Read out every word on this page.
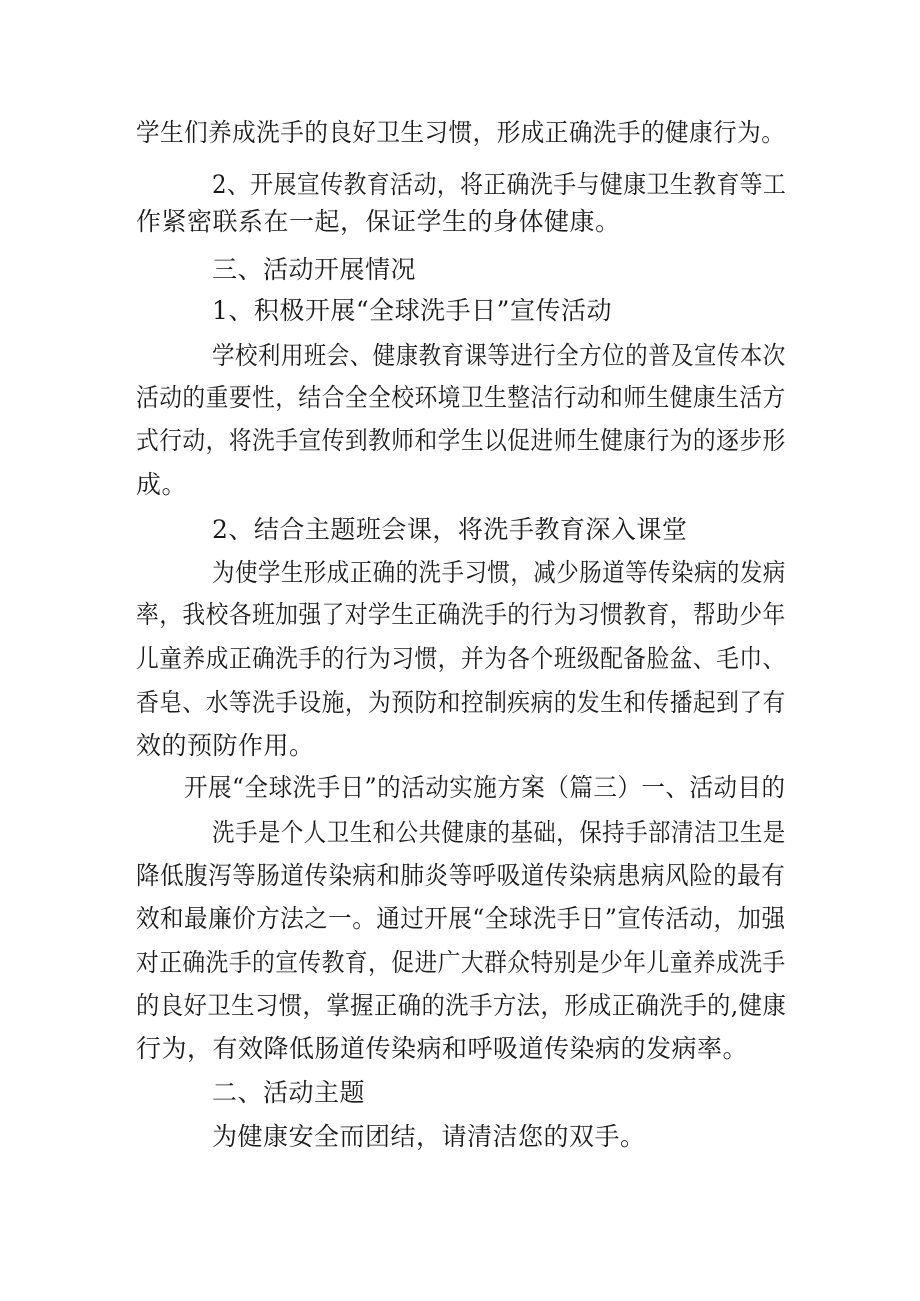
学生们养成洗手的良好卫生习惯，形成正确洗手的健康行为。
2、开展宣传教育活动，将正确洗手与健康卫生教育等工
作紧密联系在一起，保证学生的身体健康。
三、活动开展情况
1、积极开展“全球洗手日”宣传活动
学校利用班会、健康教育课等进行全方位的普及宣传本次
活动的重要性，结合全全校环境卫生整洁行动和师生健康生活方
式行动，将洗手宣传到教师和学生以促进师生健康行为的逐步形
成。
2、结合主题班会课，将洗手教育深入课堂
为使学生形成正确的洗手习惯，减少肠道等传染病的发病
率，我校各班加强了对学生正确洗手的行为习惯教育，帮助少年
儿童养成正确洗手的行为习惯，并为各个班级配备脸盆、毛巾、
香皂、水等洗手设施，为预防和控制疾病的发生和传播起到了有
效的预防作用。
开展“全球洗手日”的活动实施方案（篇三）一、活动目的
洗手是个人卫生和公共健康的基础，保持手部清洁卫生是
降低腹泻等肠道传染病和肺炎等呼吸道传染病患病风险的最有
效和最廉价方法之一。通过开展“全球洗手日”宣传活动，加强
对正确洗手的宣传教育，促进广大群众特别是少年儿童养成洗手
的良好卫生习惯，掌握正确的洗手方法，形成正确洗手的,健康
行为，有效降低肠道传染病和呼吸道传染病的发病率。
二、活动主题
为健康安全而团结，请清洁您的双手。
